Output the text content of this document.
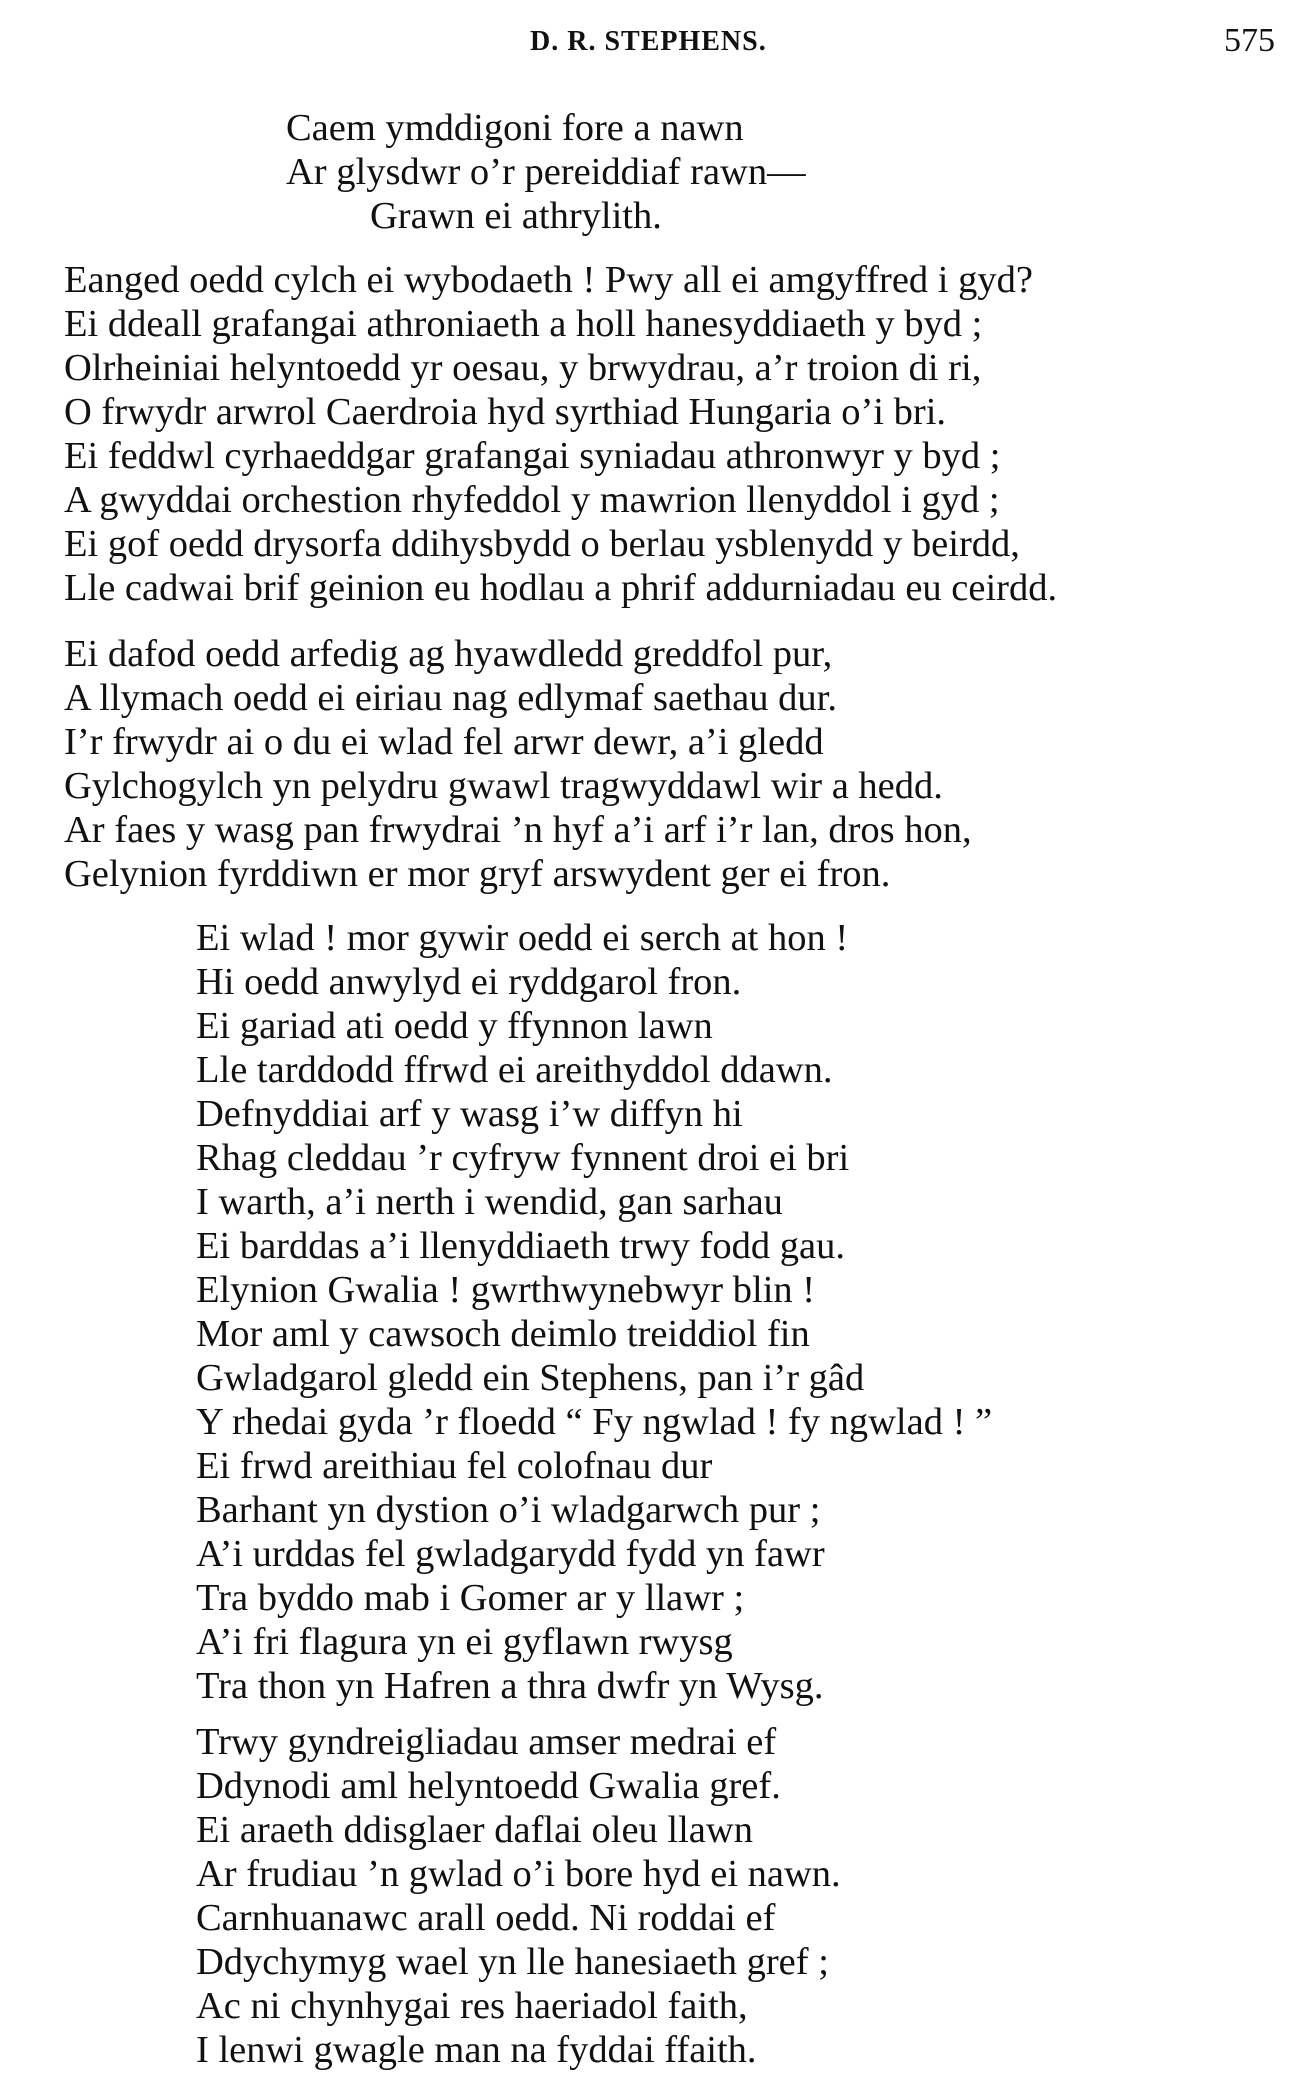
D. R. STEPHENS.	575
Caem ymddigoni fore a nawn
Ar glysdwr o’r pereiddiaf rawn—
Grawn ei athrylith.
Eanged oedd cylch ei wybodaeth ! Pwy all ei amgyffred i gyd?
Ei ddeall grafangai athroniaeth a holl hanesyddiaeth y byd ;
Olrheiniai helyntoedd yr oesau, y brwydrau, a’r troion di ri,
O frwydr arwrol Caerdroia hyd syrthiad Hungaria o’i bri.
Ei feddwl cyrhaeddgar grafangai syniadau athronwyr y byd ;
A gwyddai orchestion rhyfeddol y mawrion llenyddol i gyd ;
Ei gof oedd drysorfa ddihysbydd o berlau ysblenydd y beirdd,
Lle cadwai brif geinion eu hodlau a phrif addurniadau eu ceirdd.
Ei dafod oedd arfedig ag hyawdledd greddfol pur,
A llymach oedd ei eiriau nag edlymaf saethau dur.
I’r frwydr ai o du ei wlad fel arwr dewr, a’i gledd
Gylchogylch yn pelydru gwawl tragwyddawl wir a hedd.
Ar faes y wasg pan frwydrai ’n hyf a’i arf i’r lan, dros hon,
Gelynion fyrddiwn er mor gryf arswydent ger ei fron.
Ei wlad ! mor gywir oedd ei serch at hon !
Hi oedd anwylyd ei ryddgarol fron.
Ei gariad ati oedd y ffynnon lawn
Lle tarddodd ffrwd ei areithyddol ddawn.
Defnyddiai arf y wasg i’w diffyn hi
Rhag cleddau ’r cyfryw fynnent droi ei bri
I warth, a’i nerth i wendid, gan sarhau
Ei barddas a’i llenyddiaeth trwy fodd gau.
Elynion Gwalia ! gwrthwynebwyr blin !
Mor aml y cawsoch deimlo treiddiol fin
Gwladgarol gledd ein Stephens, pan i’r gâd
Y rhedai gyda ’r floedd “ Fy ngwlad ! fy ngwlad ! ”
Ei frwd areithiau fel colofnau dur
Barhant yn dystion o’i wladgarwch pur ;
A’i urddas fel gwladgarydd fydd yn fawr
Tra byddo mab i Gomer ar y llawr ;
A’i fri flagura yn ei gyflawn rwysg
Tra thon yn Hafren a thra dwfr yn Wysg.
Trwy gyndreigliadau amser medrai ef
Ddynodi aml helyntoedd Gwalia gref.
Ei araeth ddisglaer daflai oleu llawn
Ar frudiau ’n gwlad o’i bore hyd ei nawn.
Carnhuanawc arall oedd. Ni roddai ef
Ddychymyg wael yn lle hanesiaeth gref ;
Ac ni chynhygai res haeriadol faith,
I lenwi gwagle man na fyddai ffaith.
